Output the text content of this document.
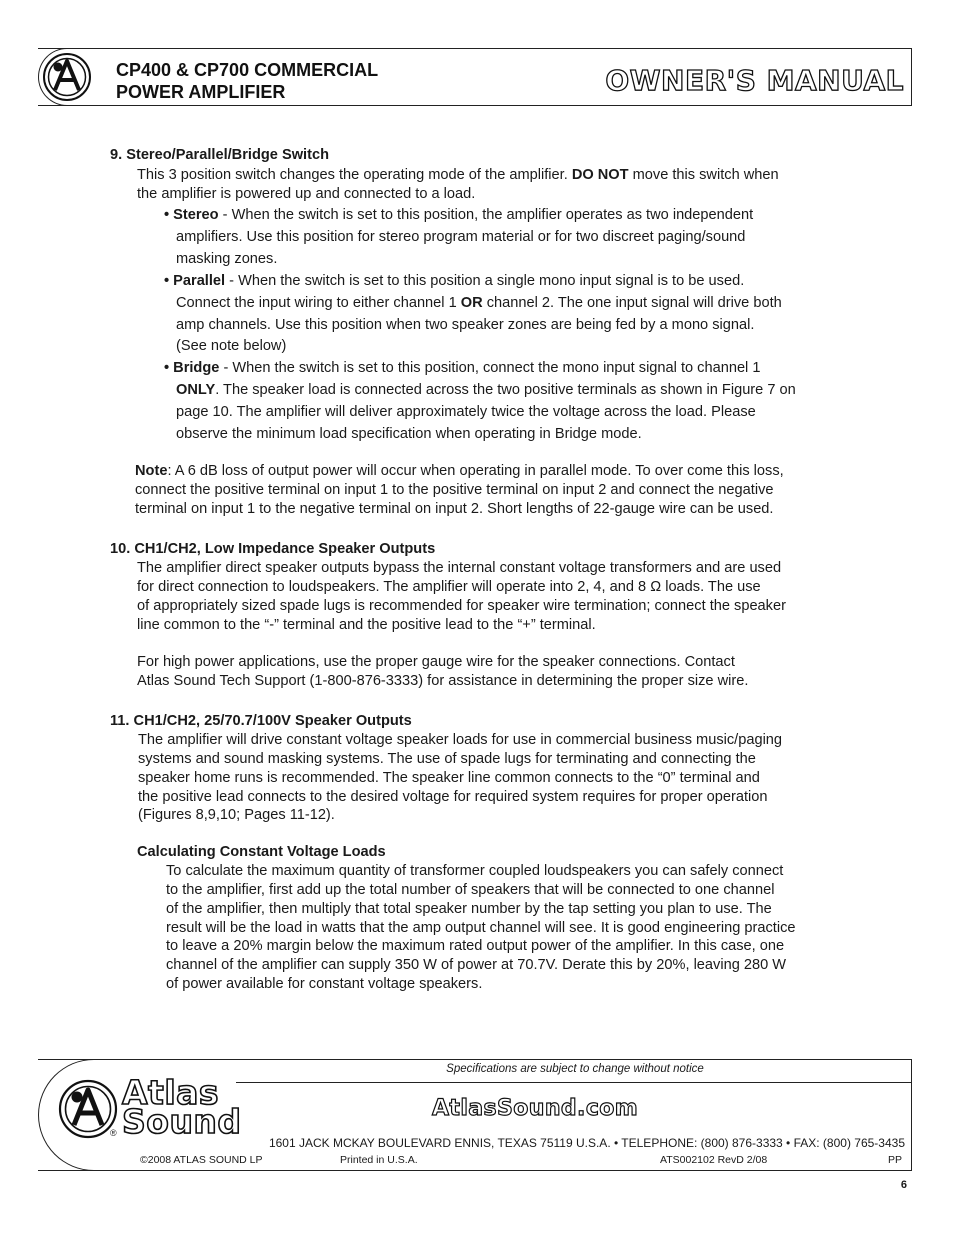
CP400 & CP700 COMMERCIAL
POWER AMPLIFIER	OWNER'S MANUAL
9. Stereo/Parallel/Bridge Switch
This 3 position switch changes the operating mode of the amplifier. DO NOT move this switch when
the amplifier is powered up and connected to a load.
• Stereo - When the switch is set to this position, the amplifier operates as two independent
amplifiers. Use this position for stereo program material or for two discreet paging/sound
masking zones.
• Parallel - When the switch is set to this position a single mono input signal is to be used.
Connect the input wiring to either channel 1 OR channel 2. The one input signal will drive both
amp channels. Use this position when two speaker zones are being fed by a mono signal.
(See note below)
• Bridge - When the switch is set to this position, connect the mono input signal to channel 1
ONLY. The speaker load is connected across the two positive terminals as shown in Figure 7 on
page 10. The amplifier will deliver approximately twice the voltage across the load. Please
observe the minimum load specification when operating in Bridge mode.
Note: A 6 dB loss of output power will occur when operating in parallel mode. To over come this loss,
connect the positive terminal on input 1 to the positive terminal on input 2 and connect the negative
terminal on input 1 to the negative terminal on input 2. Short lengths of 22-gauge wire can be used.
10. CH1/CH2, Low Impedance Speaker Outputs
The amplifier direct speaker outputs bypass the internal constant voltage transformers and are used
for direct connection to loudspeakers. The amplifier will operate into 2, 4, and 8 Ω loads. The use
of appropriately sized spade lugs is recommended for speaker wire termination; connect the speaker
line common to the “-” terminal and the positive lead to the “+” terminal.
For high power applications, use the proper gauge wire for the speaker connections. Contact
Atlas Sound Tech Support (1-800-876-3333) for assistance in determining the proper size wire.
11. CH1/CH2, 25/70.7/100V Speaker Outputs
The amplifier will drive constant voltage speaker loads for use in commercial business music/paging
systems and sound masking systems. The use of spade lugs for terminating and connecting the
speaker home runs is recommended. The speaker line common connects to the “0” terminal and
the positive lead connects to the desired voltage for required system requires for proper operation
(Figures 8,9,10; Pages 11-12).
Calculating Constant Voltage Loads
To calculate the maximum quantity of transformer coupled loudspeakers you can safely connect
to the amplifier, first add up the total number of speakers that will be connected to one channel
of the amplifier, then multiply that total speaker number by the tap setting you plan to use. The
result will be the load in watts that the amp output channel will see. It is good engineering practice
to leave a 20% margin below the maximum rated output power of the amplifier. In this case, one
channel of the amplifier can supply 350 W of power at 70.7V. Derate this by 20%, leaving 280 W
of power available for constant voltage speakers.
Specifications are subject to change without notice
Atlas
Sound
®
AtlasSound.com
1601 JACK MCKAY BOULEVARD ENNIS, TEXAS 75119 U.S.A. • TELEPHONE: (800) 876-3333 • FAX: (800) 765-3435
©2008 ATLAS SOUND LP	Printed in U.S.A.	ATS002102 RevD 2/08	PP
6
